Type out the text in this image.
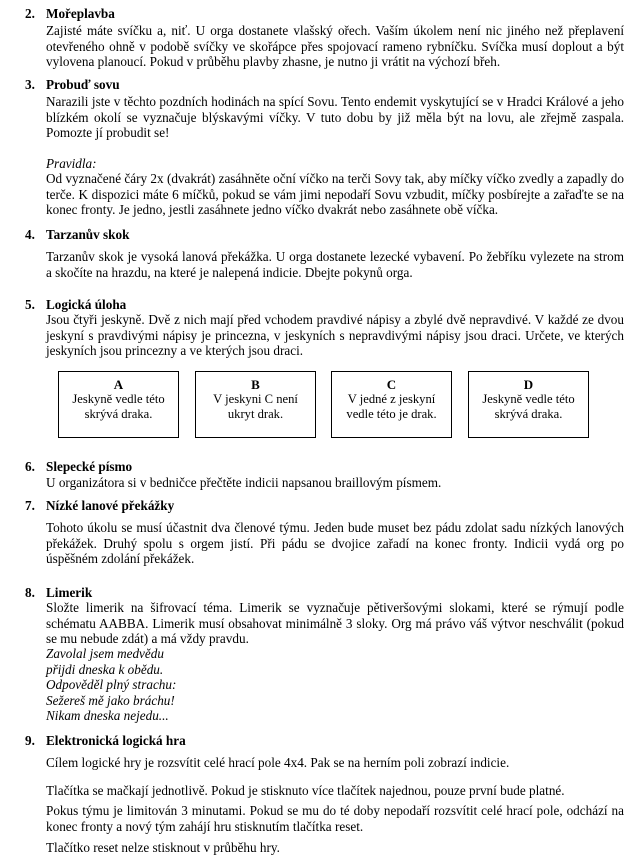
2. Mořeplavba
Zajisté máte svíčku a, niť. U orga dostanete vlašský ořech. Vaším úkolem není nic jiného než přeplavení otevřeného ohně v podobě svíčky ve skořápce přes spojovací rameno rybníčku. Svíčka musí doplout a být vylovena planoucí. Pokud v průběhu plavby zhasne, je nutno ji vrátit na výchozí břeh.
3. Probuď sovu
Narazili jste v těchto pozdních hodinách na spící Sovu. Tento endemit vyskytující se v Hradci Králové a jeho blízkém okolí se vyznačuje blýskavými víčky. V tuto dobu by již měla být na lovu, ale zřejmě zaspala. Pomozte jí probudit se!
Pravidla:
Od vyznačené čáry 2x (dvakrát) zasáhněte oční víčko na terči Sovy tak, aby míčky víčko zvedly a zapadly do terče. K dispozici máte 6 míčků, pokud se vám jimi nepodaří Sovu vzbudit, míčky posbírejte a zařaďte se na konec fronty. Je jedno, jestli zasáhnete jedno víčko dvakrát nebo zasáhnete obě víčka.
4. Tarzanův skok
Tarzanův skok je vysoká lanová překážka. U orga dostanete lezecké vybavení. Po žebříku vylezete na strom a skočíte na hrazdu, na které je nalepená indicie. Dbejte pokynů orga.
5. Logická úloha
Jsou čtyři jeskyně. Dvě z nich mají před vchodem pravdivé nápisy a zbylé dvě nepravdivé. V každé ze dvou jeskyní s pravdivými nápisy je princezna, v jeskyních s nepravdivými nápisy jsou draci. Určete, ve kterých jeskyních jsou princezny a ve kterých jsou draci.
A
Jeskyně vedle této
skrývá draka.
B
V jeskyni C není
ukryt drak.
C
V jedné z jeskyní
vedle této je drak.
D
Jeskyně vedle této
skrývá draka.
6. Slepecké písmo
U organizátora si v bedničce přečtěte indicii napsanou braillovým písmem.
7. Nízké lanové překážky
Tohoto úkolu se musí účastnit dva členové týmu. Jeden bude muset bez pádu zdolat sadu nízkých lanových překážek. Druhý spolu s orgem jistí. Při pádu se dvojice zařadí na konec fronty. Indicii vydá org po úspěšném zdolání překážek.
8. Limerik
Složte limerik na šifrovací téma. Limerik se vyznačuje pětiveršovými slokami, které se rýmují podle schématu AABBA. Limerik musí obsahovat minimálně 3 sloky. Org má právo váš výtvor neschválit (pokud se mu nebude zdát) a má vždy pravdu.
Zavolal jsem medvědu
přijdi dneska k obědu.
Odpověděl plný strachu:
Sežereš mě jako bráchu!
Nikam dneska nejedu...
9. Elektronická logická hra
Cílem logické hry je rozsvítit celé hrací pole 4x4. Pak se na herním poli zobrazí indicie.
Tlačítka se mačkají jednotlivě. Pokud je stisknuto více tlačítek najednou, pouze první bude platné.
Pokus týmu je limitován 3 minutami. Pokud se mu do té doby nepodaří rozsvítit celé hrací pole, odchází na konec fronty a nový tým zahájí hru stisknutím tlačítka reset.
Tlačítko reset nelze stisknout v průběhu hry.
